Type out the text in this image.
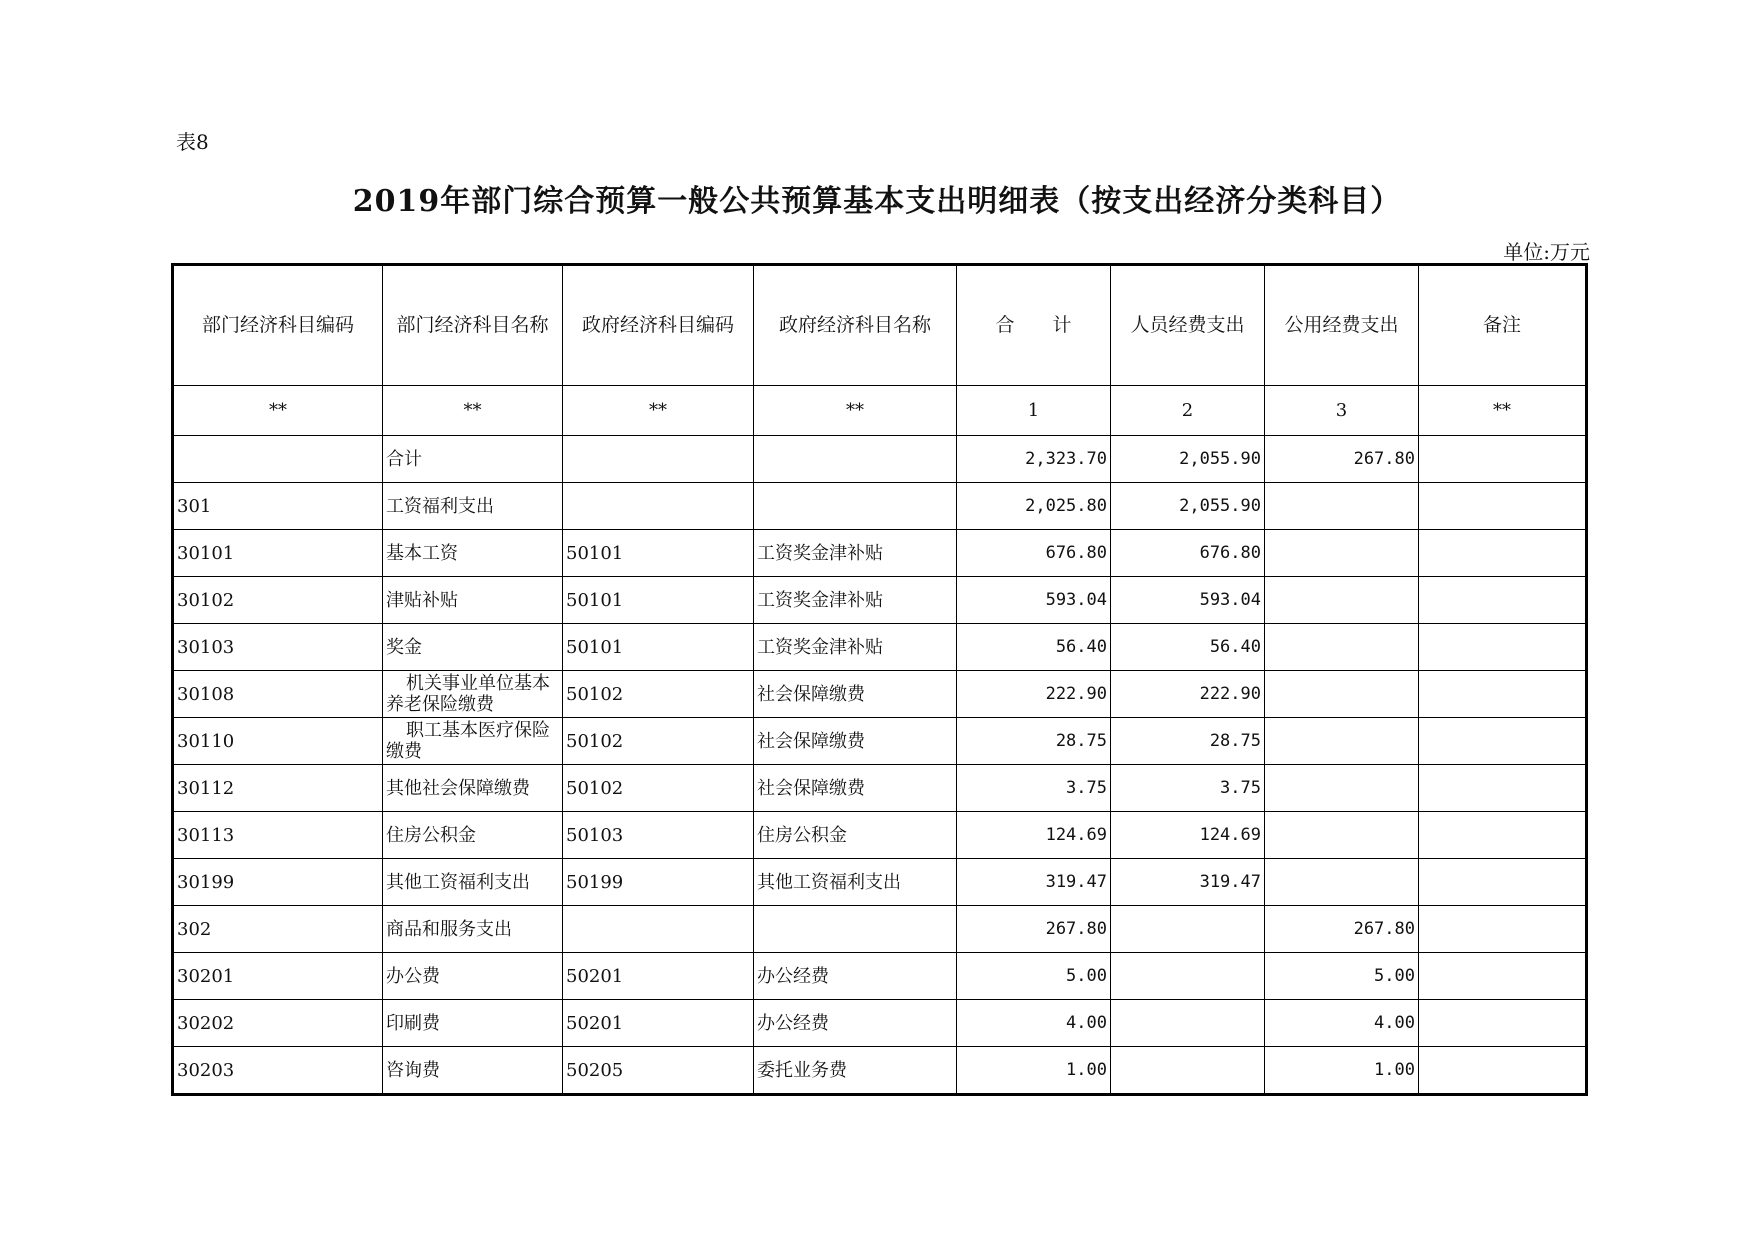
表8
2019年部门综合预算一般公共预算基本支出明细表（按支出经济分类科目）
单位:万元
部门经济科目编码	部门经济科目名称	政府经济科目编码	政府经济科目名称	合　　计	人员经费支出	公用经费支出	备注
**	**	**	**	1	2	3	**
	合计			2,323.70	2,055.90	267.80	
301	工资福利支出			2,025.80	2,055.90		
30101	基本工资	50101	工资奖金津补贴	676.80	676.80		
30102	津贴补贴	50101	工资奖金津补贴	593.04	593.04		
30103	奖金	50101	工资奖金津补贴	56.40	56.40		
30108	机关事业单位基本养老保险缴费	50102	社会保障缴费	222.90	222.90		
30110	职工基本医疗保险缴费	50102	社会保障缴费	28.75	28.75		
30112	其他社会保障缴费	50102	社会保障缴费	3.75	3.75		
30113	住房公积金	50103	住房公积金	124.69	124.69		
30199	其他工资福利支出	50199	其他工资福利支出	319.47	319.47		
302	商品和服务支出			267.80		267.80	
30201	办公费	50201	办公经费	5.00		5.00	
30202	印刷费	50201	办公经费	4.00		4.00	
30203	咨询费	50205	委托业务费	1.00		1.00	
